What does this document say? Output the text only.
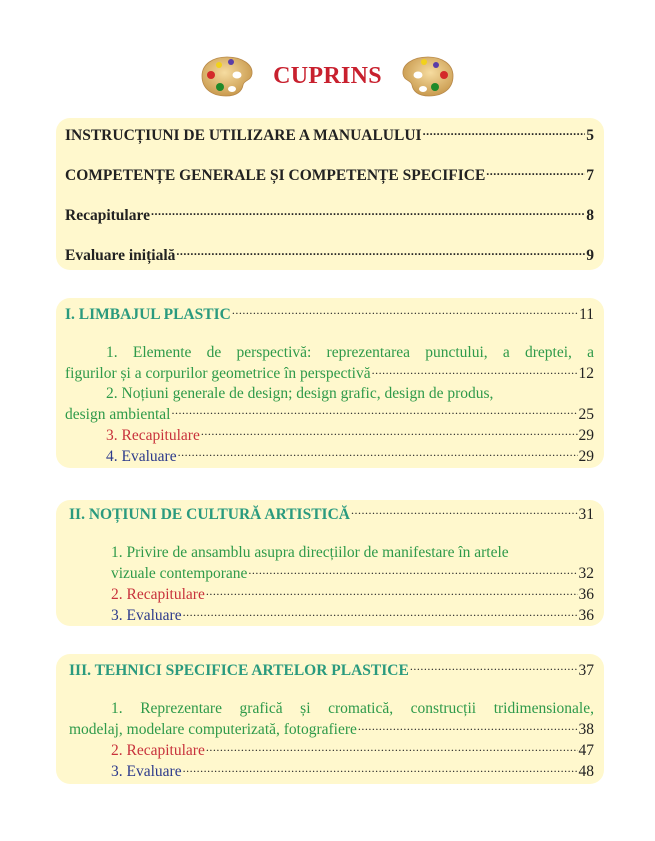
CUPRINS
INSTRUCȚIUNI DE UTILIZARE A MANUALULUI .....	5
COMPETENȚE GENERALE ȘI COMPETENȚE SPECIFICE .....	7
Recapitulare .....	8
Evaluare inițială .....	9
I. LIMBAJUL PLASTIC .....	11
1. Elemente de perspectivă: reprezentarea punctului, a dreptei, a
figurilor și a corpurilor geometrice în perspectivă .....	12
2. Noțiuni generale de design; design grafic, design de produs,
design ambiental .....	25
3. Recapitulare .....	29
4. Evaluare .....	29
II. NOȚIUNI DE CULTURĂ ARTISTICĂ .....	31
1. Privire de ansamblu asupra direcțiilor de manifestare în artele
vizuale contemporane .....	32
2. Recapitulare .....	36
3. Evaluare .....	36
III. TEHNICI SPECIFICE ARTELOR PLASTICE .....	37
1. Reprezentare grafică și cromatică, construcții tridimensionale,
modelaj, modelare computerizată, fotografiere .....	38
2. Recapitulare .....	47
3. Evaluare .....	48
